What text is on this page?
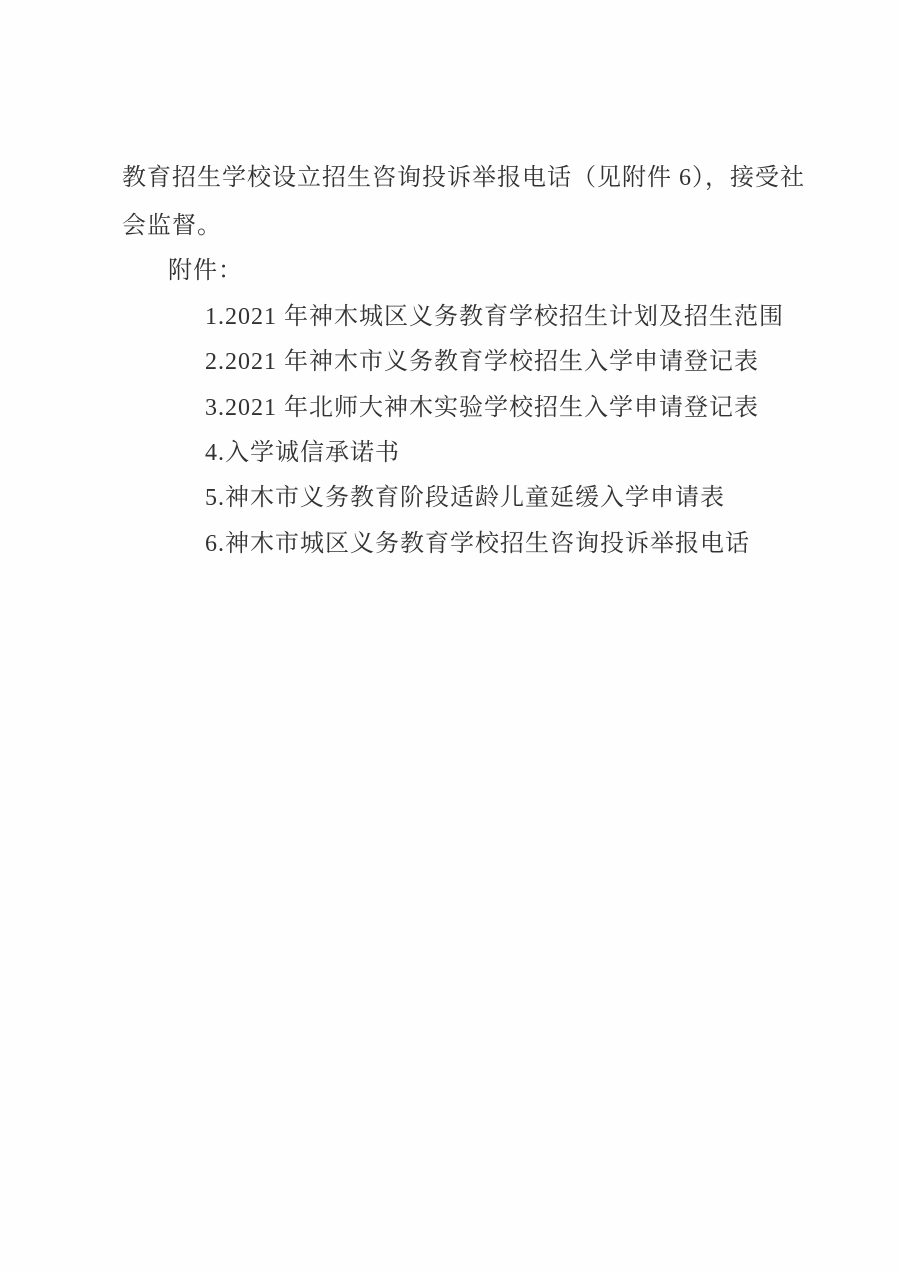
教育招生学校设立招生咨询投诉举报电话（见附件 6），接受社
会监督。
附件：
1.2021 年神木城区义务教育学校招生计划及招生范围
2.2021 年神木市义务教育学校招生入学申请登记表
3.2021 年北师大神木实验学校招生入学申请登记表
4.入学诚信承诺书
5.神木市义务教育阶段适龄儿童延缓入学申请表
6.神木市城区义务教育学校招生咨询投诉举报电话
